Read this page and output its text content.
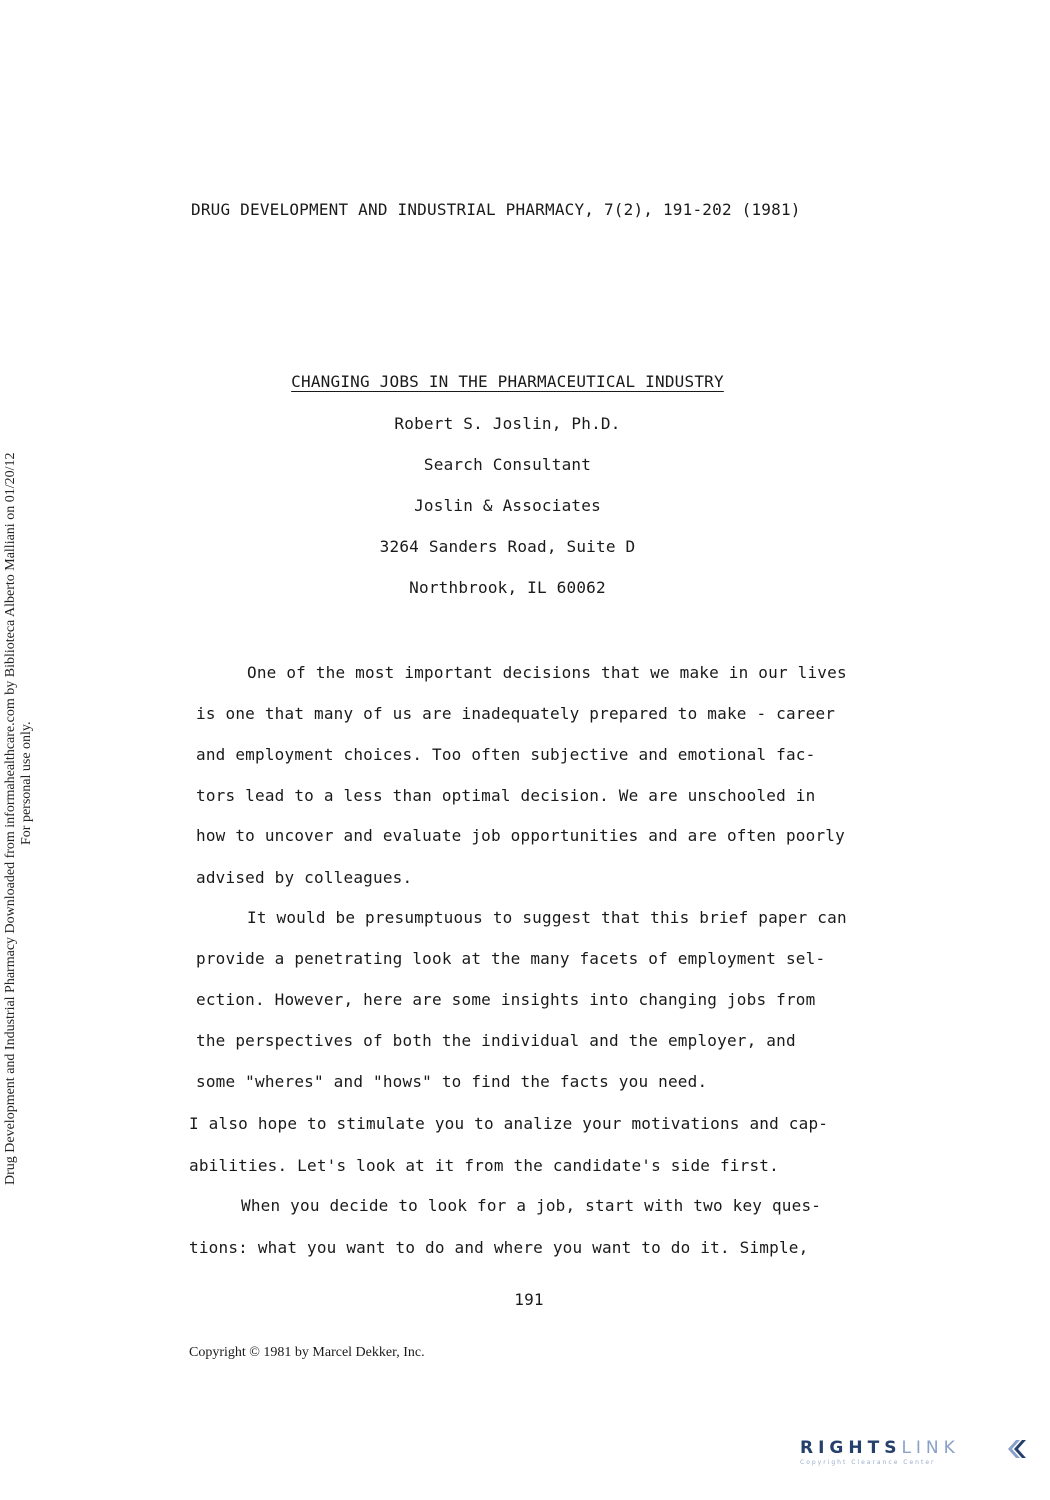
Drug Development and Industrial Pharmacy Downloaded from informahealthcare.com by Biblioteca Alberto Malliani on 01/20/12 For personal use only.
DRUG DEVELOPMENT AND INDUSTRIAL PHARMACY, 7(2), 191-202 (1981)
CHANGING JOBS IN THE PHARMACEUTICAL INDUSTRY
Robert S. Joslin, Ph.D.
Search Consultant
Joslin & Associates
3264 Sanders Road, Suite D
Northbrook, IL 60062
One of the most important decisions that we make in our lives
is one that many of us are inadequately prepared to make - career
and employment choices. Too often subjective and emotional fac-
tors lead to a less than optimal decision. We are unschooled in
how to uncover and evaluate job opportunities and are often poorly
advised by colleagues.
It would be presumptuous to suggest that this brief paper can
provide a penetrating look at the many facets of employment sel-
ection. However, here are some insights into changing jobs from
the perspectives of both the individual and the employer, and
some "wheres" and "hows" to find the facts you need.
I also hope to stimulate you to analize your motivations and cap-
abilities. Let's look at it from the candidate's side first.
When you decide to look for a job, start with two key ques-
tions: what you want to do and where you want to do it. Simple,
191
Copyright © 1981 by Marcel Dekker, Inc.
RIGHTSLINK
Copyright Clearance Center
